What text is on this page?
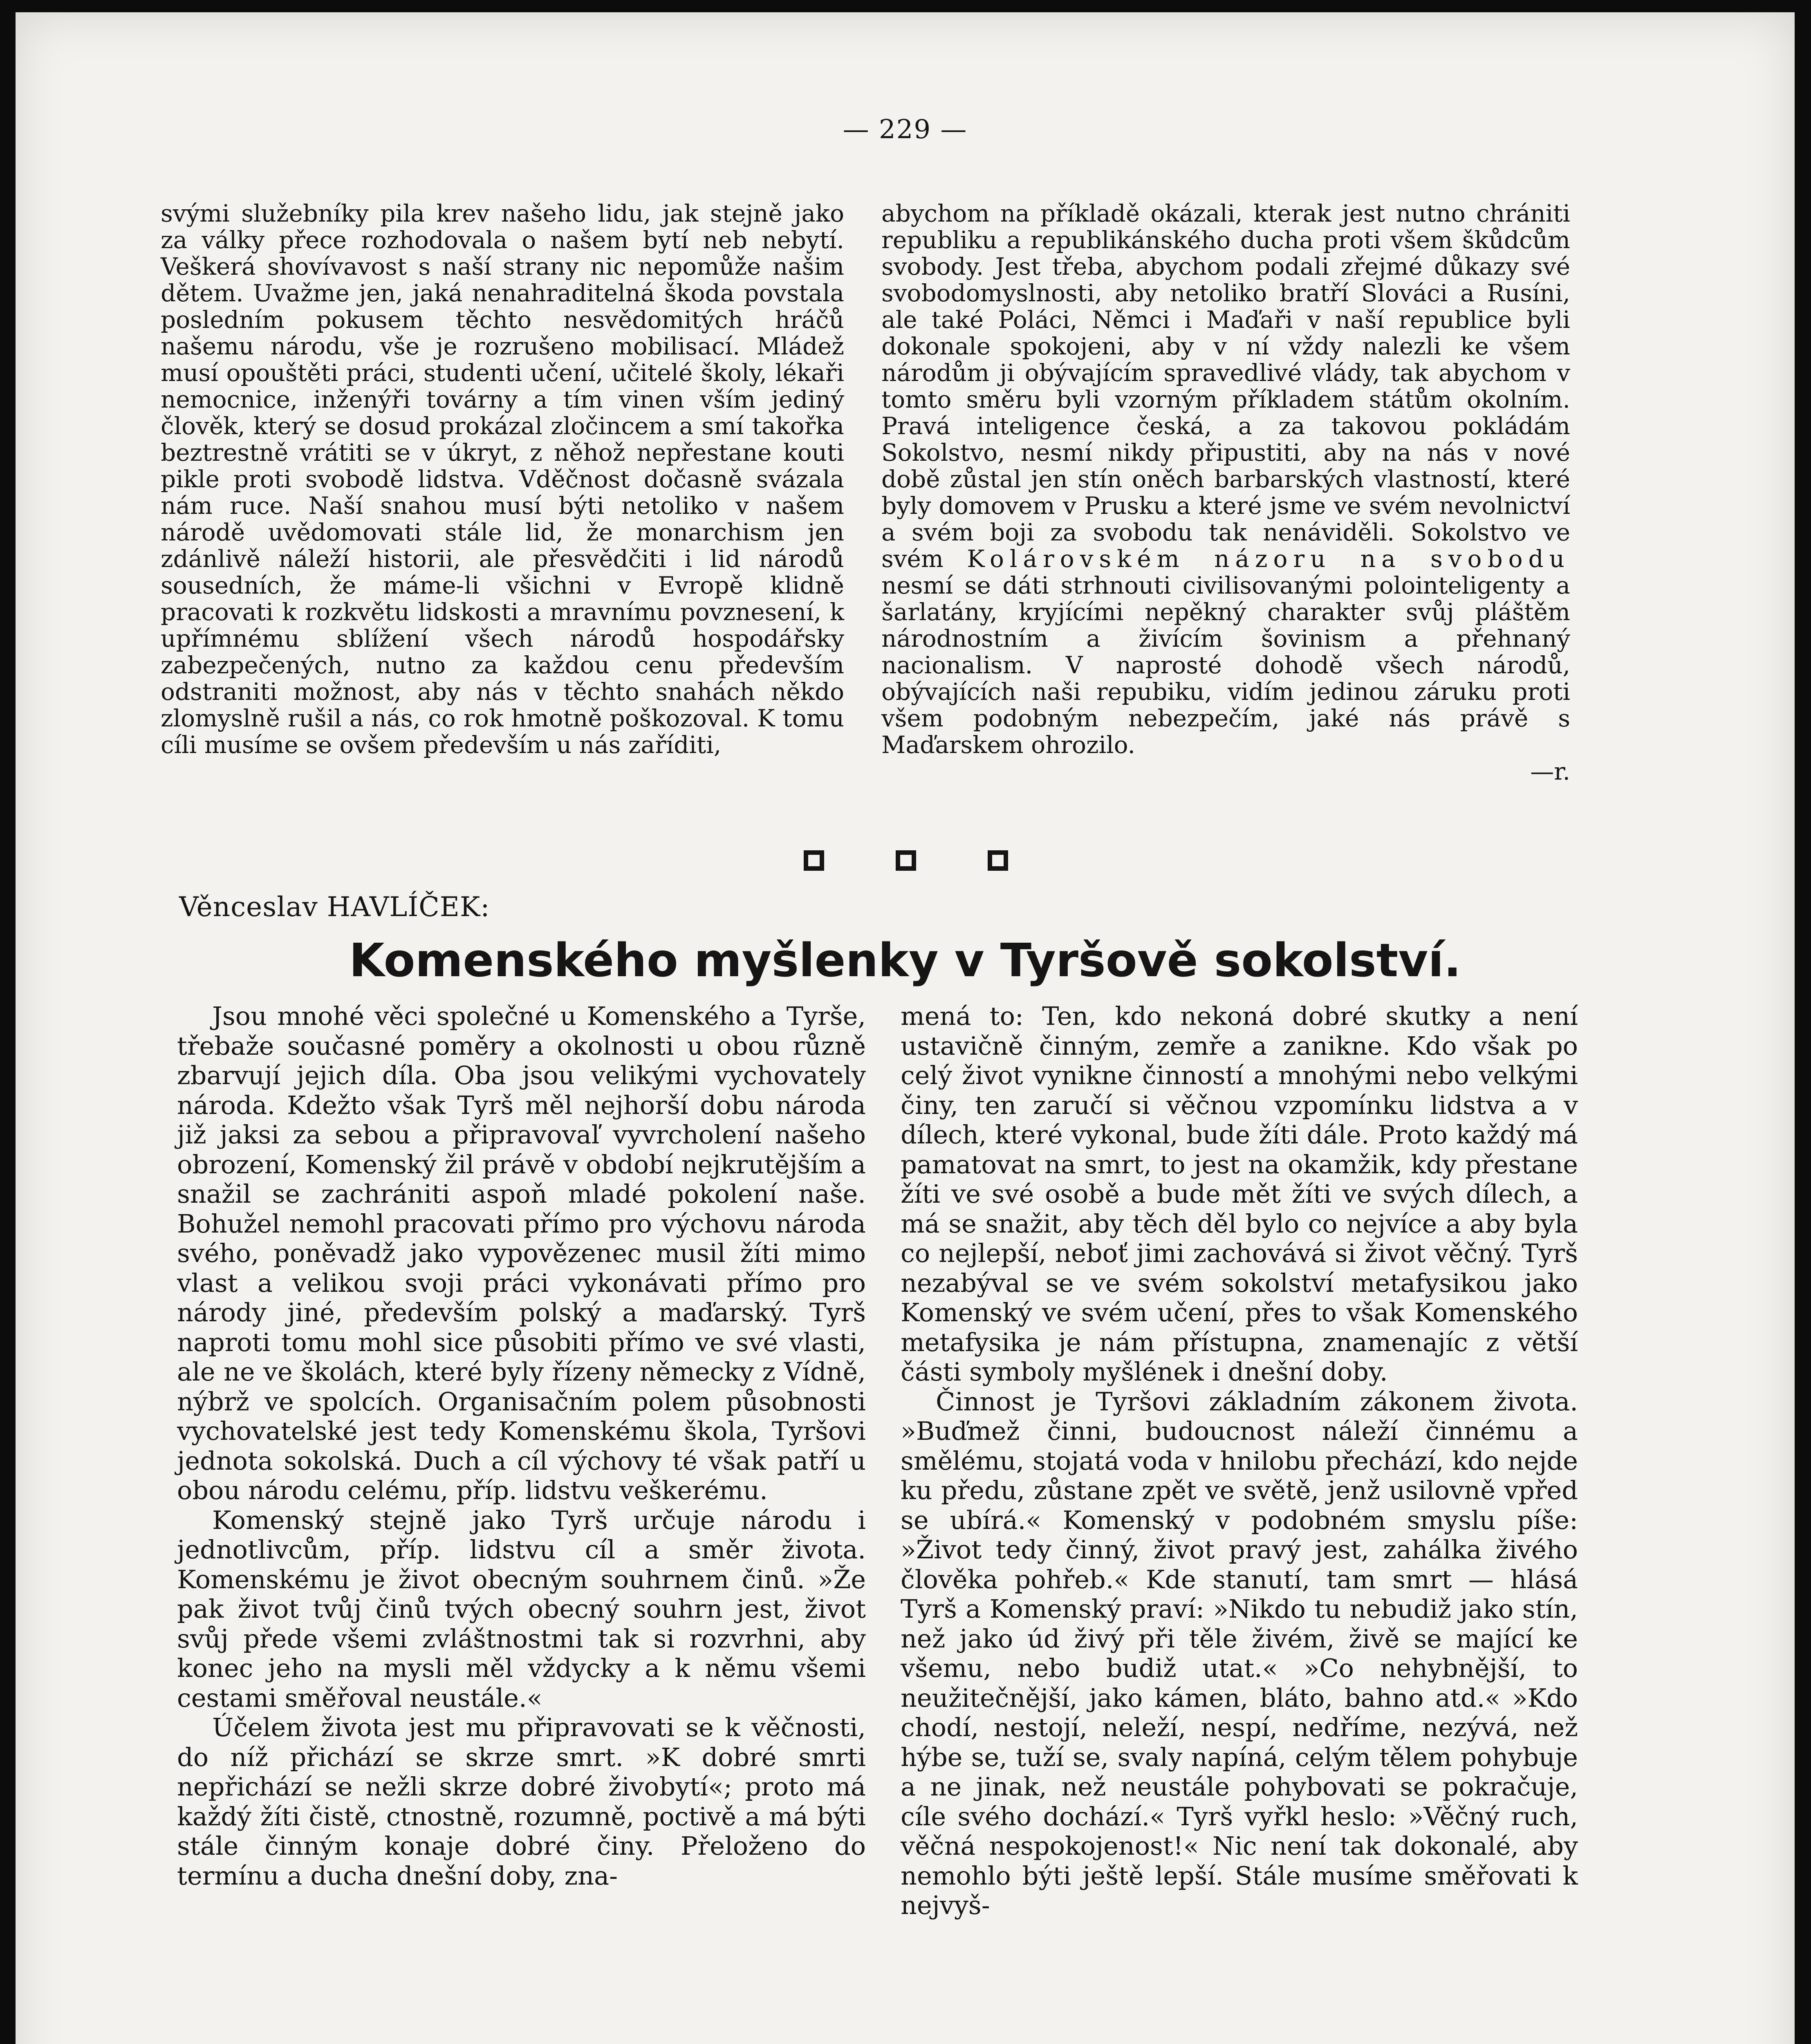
— 229 —

svými služebníky pila krev našeho lidu, jak stejně jako za války přece rozhodovala o našem bytí neb nebytí. Veškerá shovívavost s naší strany nic nepomůže našim dětem. Uvažme jen, jaká nenahraditelná škoda povstala posledním pokusem těchto nesvědomitých hráčů našemu národu, vše je rozrušeno mobilisací. Mládež musí opouštěti práci, studenti učení, učitelé školy, lékaři nemocnice, inženýři továrny a tím vinen vším jediný člověk, který se dosud prokázal zločincem a smí takořka beztrestně vrátiti se v úkryt, z něhož nepřestane kouti pikle proti svobodě lidstva. Vděčnost dočasně svázala nám ruce. Naší snahou musí býti netoliko v našem národě uvědomovati stále lid, že monarchism jen zdánlivě náleží historii, ale přesvědčiti i lid národů sousedních, že máme-li všichni v Evropě klidně pracovati k rozkvětu lidskosti a mravnímu povznesení, k upřímnému sblížení všech národů hospodářsky zabezpečených, nutno za každou cenu především odstraniti možnost, aby nás v těchto snahách někdo zlomyslně rušil a nás, co rok hmotně poškozoval. K tomu cíli musíme se ovšem především u nás zaříditi,

abychom na příkladě okázali, kterak jest nutno chrániti republiku a republikánského ducha proti všem škůdcům svobody. Jest třeba, abychom podali zřejmé důkazy své svobodomyslnosti, aby netoliko bratří Slováci a Rusíni, ale také Poláci, Němci i Maďaři v naší republice byli dokonale spokojeni, aby v ní vždy nalezli ke všem národům ji obývajícím spravedlivé vlády, tak abychom v tomto směru byli vzorným příkladem státům okolním. Pravá inteligence česká, a za takovou pokládám Sokolstvo, nesmí nikdy připustiti, aby na nás v nové době zůstal jen stín oněch barbarských vlastností, které byly domovem v Prusku a které jsme ve svém nevolnictví a svém boji za svobodu tak nenáviděli. Sokolstvo ve svém Kolárovském názoru na svobodu nesmí se dáti strhnouti civilisovanými polointeligenty a šarlatány, kryjícími nepěkný charakter svůj pláštěm národnostním a živícím šovinism a přehnaný nacionalism. V naprosté dohodě všech národů, obývajících naši repubiku, vidím jedinou záruku proti všem podobným nebezpečím, jaké nás právě s Maďarskem ohrozilo.

—r.

Věnceslav HAVLÍČEK:
Komenského myšlenky v Tyršově sokolství.

Jsou mnohé věci společné u Komenského a Tyrše, třebaže současné poměry a okolnosti u obou různě zbarvují jejich díla. Oba jsou velikými vychovately národa. Kdežto však Tyrš měl nejhorší dobu národa již jaksi za sebou a připravovaľ vyvrcholení našeho obrození, Komenský žil právě v období nejkrutějším a snažil se zachrániti aspoň mladé pokolení naše. Bohužel nemohl pracovati přímo pro výchovu národa svého, poněvadž jako vypovězenec musil žíti mimo vlast a velikou svoji práci vykonávati přímo pro národy jiné, především polský a maďarský. Tyrš naproti tomu mohl sice působiti přímo ve své vlasti, ale ne ve školách, které byly řízeny německy z Vídně, nýbrž ve spolcích. Organisačním polem působnosti vychovatelské jest tedy Komenskému škola, Tyršovi jednota sokolská. Duch a cíl výchovy té však patří u obou národu celému, příp. lidstvu veškerému.

Komenský stejně jako Tyrš určuje národu i jednotlivcům, příp. lidstvu cíl a směr života. Komenskému je život obecným souhrnem činů. »Že pak život tvůj činů tvých obecný souhrn jest, život svůj přede všemi zvláštnostmi tak si rozvrhni, aby konec jeho na mysli měl vždycky a k němu všemi cestami směřoval neustále.«

Účelem života jest mu připravovati se k věčnosti, do níž přichází se skrze smrt. »K dobré smrti nepřichází se nežli skrze dobré živobytí«; proto má každý žíti čistě, ctnostně, rozumně, poctivě a má býti stále činným konaje dobré činy. Přeloženo do termínu a ducha dnešní doby, zna-

mená to: Ten, kdo nekoná dobré skutky a není ustavičně činným, zemře a zanikne. Kdo však po celý život vynikne činností a mnohými nebo velkými činy, ten zaručí si věčnou vzpomínku lidstva a v dílech, které vykonal, bude žíti dále. Proto každý má pamatovat na smrt, to jest na okamžik, kdy přestane žíti ve své osobě a bude mět žíti ve svých dílech, a má se snažit, aby těch děl bylo co nejvíce a aby byla co nejlepší, neboť jimi zachovává si život věčný. Tyrš nezabýval se ve svém sokolství metafysikou jako Komenský ve svém učení, přes to však Komenského metafysika je nám přístupna, znamenajíc z větší části symboly myšlének i dnešní doby.

Činnost je Tyršovi základním zákonem života. »Buďmež činni, budoucnost náleží činnému a smělému, stojatá voda v hnilobu přechází, kdo nejde ku předu, zůstane zpět ve světě, jenž usilovně vpřed se ubírá.« Komenský v podobném smyslu píše: »Život tedy činný, život pravý jest, zahálka živého člověka pohřeb.« Kde stanutí, tam smrt — hlásá Tyrš a Komenský praví: »Nikdo tu nebudiž jako stín, než jako úd živý při těle živém, živě se mající ke všemu, nebo budiž utat.« »Co nehybnější, to neužitečnější, jako kámen, bláto, bahno atd.« »Kdo chodí, nestojí, neleží, nespí, nedříme, nezývá, než hýbe se, tuží se, svaly napíná, celým tělem pohybuje a ne jinak, než neustále pohybovati se pokračuje, cíle svého dochází.« Tyrš vyřkl heslo: »Věčný ruch, věčná nespokojenost!« Nic není tak dokonalé, aby nemohlo býti ještě lepší. Stále musíme směřovati k nejvyš-
